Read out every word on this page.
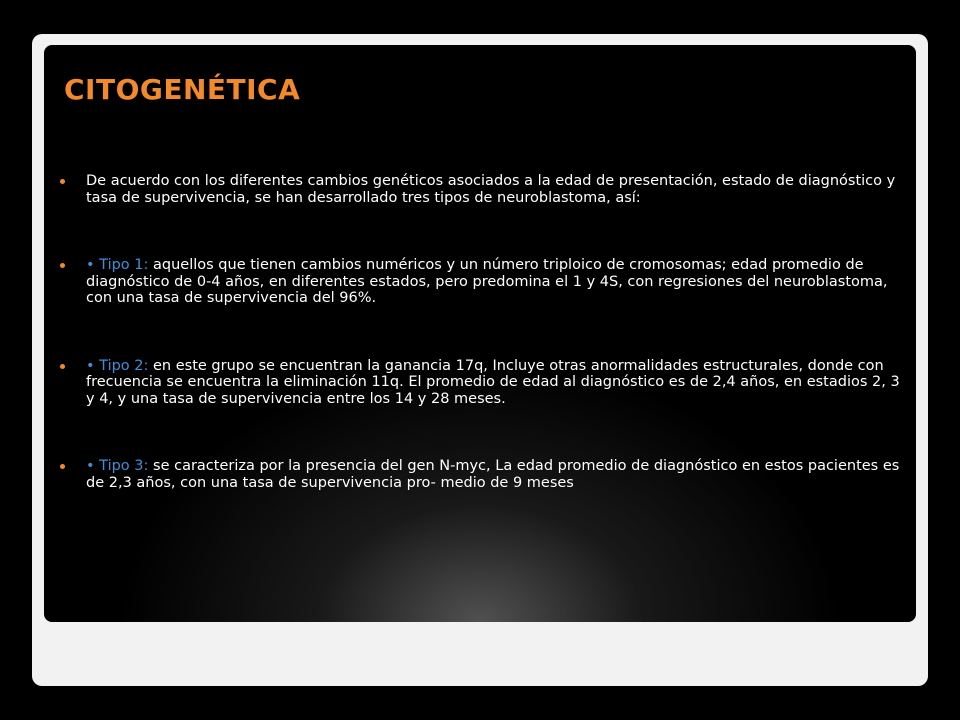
CITOGENÉTICA
De acuerdo con los diferentes cambios genéticos asociados a la edad de presentación, estado de diagnóstico y tasa de supervivencia, se han desarrollado tres tipos de neuroblastoma, así:
• Tipo 1: aquellos que tienen cambios numéricos y un número triploico de cromosomas; edad promedio de diagnóstico de 0-4 años, en diferentes estados, pero predomina el 1 y 4S, con regresiones del neuroblastoma, con una tasa de supervivencia del 96%.
• Tipo 2: en este grupo se encuentran la ganancia 17q, Incluye otras anormalidades estructurales, donde con frecuencia se encuentra la eliminación 11q. El promedio de edad al diagnóstico es de 2,4 años, en estadios 2, 3 y 4, y una tasa de supervivencia entre los 14 y 28 meses.
• Tipo 3: se caracteriza por la presencia del gen N-myc, La edad promedio de diagnóstico en estos pacientes es de 2,3 años, con una tasa de supervivencia pro- medio de 9 meses
